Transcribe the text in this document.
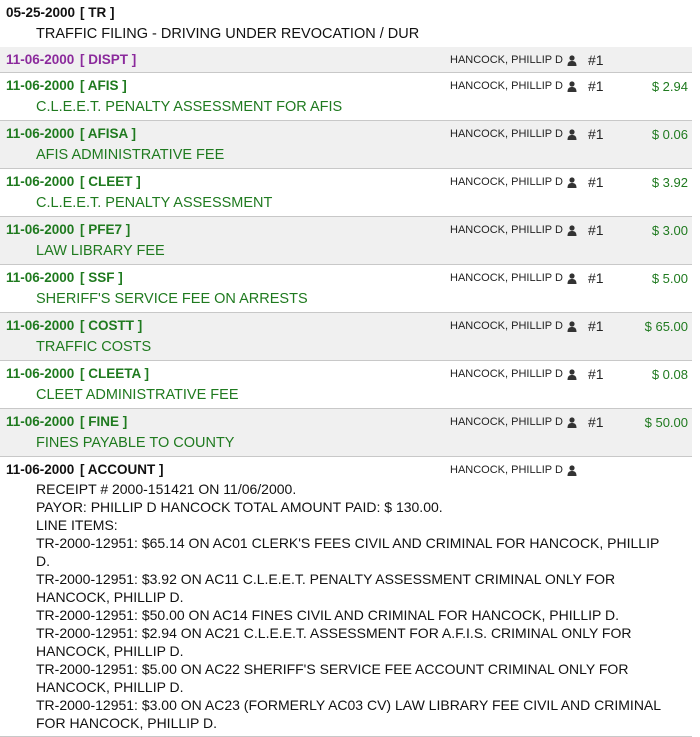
05-25-2000 [ TR ]
TRAFFIC FILING - DRIVING UNDER REVOCATION / DUR
11-06-2000 [ DISPT ]	HANCOCK, PHILLIP D #1
11-06-2000 [ AFIS ]	HANCOCK, PHILLIP D #1	$ 2.94
C.L.E.E.T. PENALTY ASSESSMENT FOR AFIS
11-06-2000 [ AFISA ]	HANCOCK, PHILLIP D #1	$ 0.06
AFIS ADMINISTRATIVE FEE
11-06-2000 [ CLEET ]	HANCOCK, PHILLIP D #1	$ 3.92
C.L.E.E.T. PENALTY ASSESSMENT
11-06-2000 [ PFE7 ]	HANCOCK, PHILLIP D #1	$ 3.00
LAW LIBRARY FEE
11-06-2000 [ SSF ]	HANCOCK, PHILLIP D #1	$ 5.00
SHERIFF'S SERVICE FEE ON ARRESTS
11-06-2000 [ COSTT ]	HANCOCK, PHILLIP D #1	$ 65.00
TRAFFIC COSTS
11-06-2000 [ CLEETA ]	HANCOCK, PHILLIP D #1	$ 0.08
CLEET ADMINISTRATIVE FEE
11-06-2000 [ FINE ]	HANCOCK, PHILLIP D #1	$ 50.00
FINES PAYABLE TO COUNTY
11-06-2000 [ ACCOUNT ]	HANCOCK, PHILLIP D

RECEIPT # 2000-151421 ON 11/06/2000.

PAYOR: PHILLIP D HANCOCK TOTAL AMOUNT PAID: $ 130.00.

LINE ITEMS:

TR-2000-12951: $65.14 ON AC01 CLERK'S FEES CIVIL AND CRIMINAL FOR HANCOCK, PHILLIP D.

TR-2000-12951: $3.92 ON AC11 C.L.E.E.T. PENALTY ASSESSMENT CRIMINAL ONLY FOR HANCOCK, PHILLIP D.

TR-2000-12951: $50.00 ON AC14 FINES CIVIL AND CRIMINAL FOR HANCOCK, PHILLIP D.

TR-2000-12951: $2.94 ON AC21 C.L.E.E.T. ASSESSMENT FOR A.F.I.S. CRIMINAL ONLY FOR HANCOCK, PHILLIP D.

TR-2000-12951: $5.00 ON AC22 SHERIFF'S SERVICE FEE ACCOUNT CRIMINAL ONLY FOR HANCOCK, PHILLIP D.

TR-2000-12951: $3.00 ON AC23 (FORMERLY AC03 CV) LAW LIBRARY FEE CIVIL AND CRIMINAL FOR HANCOCK, PHILLIP D.
